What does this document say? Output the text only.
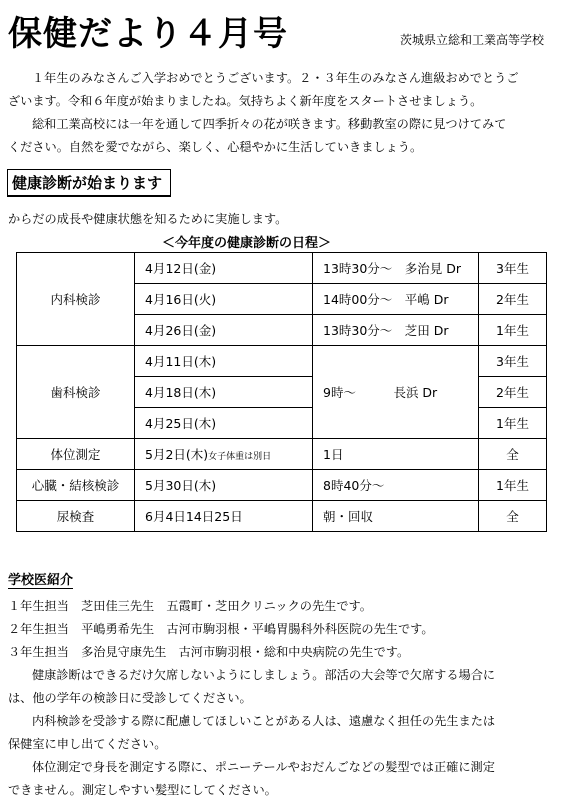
保健だより４月号	茨城県立総和工業高等学校
１年生のみなさんご入学おめでとうございます。２・３年生のみなさん進級おめでとうご
ざいます。令和６年度が始まりましたね。気持ちよく新年度をスタートさせましょう。
総和工業高校には一年を通して四季折々の花が咲きます。移動教室の際に見つけてみて
ください。自然を愛でながら、楽しく、心穏やかに生活していきましょう。
健康診断が始まります
からだの成長や健康状態を知るために実施します。
＜今年度の健康診断の日程＞
内科検診	4月12日(金)	13時30分～　多治見 Dr	3年生
	4月16日(火)	14時00分～　平嶋 Dr	2年生
	4月26日(金)	13時30分～　芝田 Dr	1年生
歯科検診	4月11日(木)	9時～　　　長浜 Dr	3年生
	4月18日(木)		2年生
	4月25日(木)		1年生
体位測定	5月2日(木)女子体重は別日	1日	全
心臓・結核検診	5月30日(木)	8時40分～	1年生
尿検査	6月4日14日25日	朝・回収	全
学校医紹介
１年生担当　芝田佳三先生　五霞町・芝田クリニックの先生です。
２年生担当　平嶋勇希先生　古河市駒羽根・平嶋胃腸科外科医院の先生です。
３年生担当　多治見守康先生　古河市駒羽根・総和中央病院の先生です。
健康診断はできるだけ欠席しないようにしましょう。部活の大会等で欠席する場合に
は、他の学年の検診日に受診してください。
内科検診を受診する際に配慮してほしいことがある人は、遠慮なく担任の先生または
保健室に申し出てください。
体位測定で身長を測定する際に、ポニーテールやおだんごなどの髪型では正確に測定
できません。測定しやすい髪型にしてください。
